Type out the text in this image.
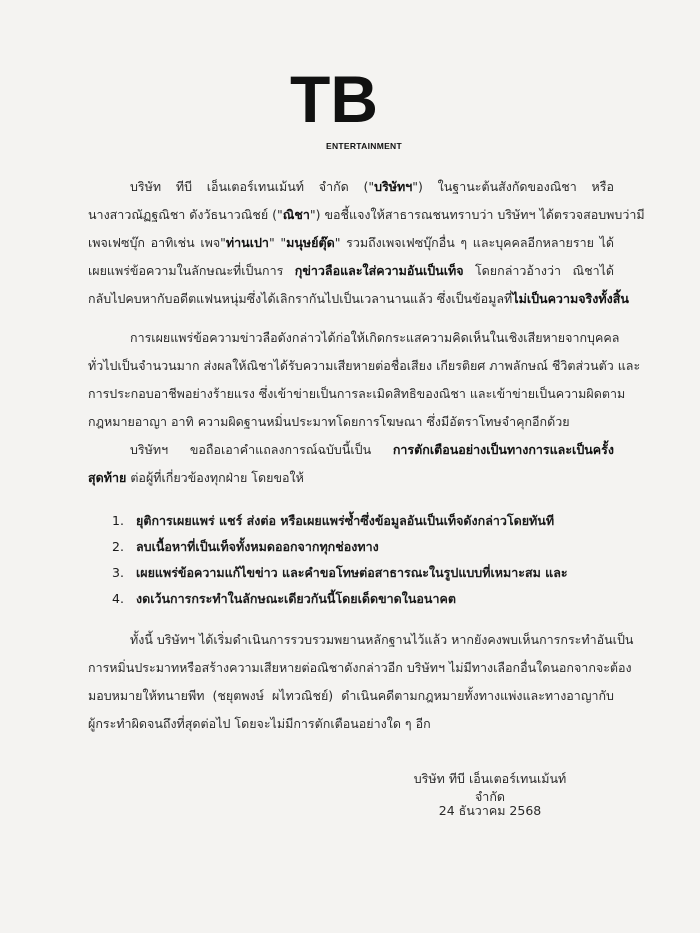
TB
ENTERTAINMENT
บริษัท ทีบี เอ็นเตอร์เทนเม้นท์ จำกัด ("บริษัทฯ") ในฐานะต้นสังกัดของณิชา หรือ
นางสาวณัฏฐณิชา ดังวัธนาวณิชย์ ("ณิชา") ขอชี้แจงให้สาธารณชนทราบว่า บริษัทฯ ได้ตรวจสอบพบว่ามี
เพจเฟซบุ๊ก อาทิเช่น เพจ"ท่านเปา" "มนุษย์ตุ๊ด" รวมถึงเพจเฟซบุ๊กอื่น ๆ และบุคคลอีกหลายราย ได้
เผยแพร่ข้อความในลักษณะที่เป็นการ กุข่าวลือและใส่ความอันเป็นเท็จ โดยกล่าวอ้างว่า ณิชาได้
กลับไปคบหากับอดีตแฟนหนุ่มซึ่งได้เลิกรากันไปเป็นเวลานานแล้ว ซึ่งเป็นข้อมูลที่ไม่เป็นความจริงทั้งสิ้น
การเผยแพร่ข้อความข่าวลือดังกล่าวได้ก่อให้เกิดกระแสความคิดเห็นในเชิงเสียหายจากบุคคล
ทั่วไปเป็นจำนวนมาก ส่งผลให้ณิชาได้รับความเสียหายต่อชื่อเสียง เกียรติยศ ภาพลักษณ์ ชีวิตส่วนตัว และ
การประกอบอาชีพอย่างร้ายแรง ซึ่งเข้าข่ายเป็นการละเมิดสิทธิของณิชา และเข้าข่ายเป็นความผิดตาม
กฎหมายอาญา อาทิ ความผิดฐานหมิ่นประมาทโดยการโฆษณา ซึ่งมีอัตราโทษจำคุกอีกด้วย
บริษัทฯ ขอถือเอาคำแถลงการณ์ฉบับนี้เป็น การตักเตือนอย่างเป็นทางการและเป็นครั้ง
สุดท้าย ต่อผู้ที่เกี่ยวข้องทุกฝ่าย โดยขอให้
1. ยุติการเผยแพร่ แชร์ ส่งต่อ หรือเผยแพร่ซ้ำซึ่งข้อมูลอันเป็นเท็จดังกล่าวโดยทันที
2. ลบเนื้อหาที่เป็นเท็จทั้งหมดออกจากทุกช่องทาง
3. เผยแพร่ข้อความแก้ไขข่าว และคำขอโทษต่อสาธารณะในรูปแบบที่เหมาะสม และ
4. งดเว้นการกระทำในลักษณะเดียวกันนี้โดยเด็ดขาดในอนาคต
ทั้งนี้ บริษัทฯ ได้เริ่มดำเนินการรวบรวมพยานหลักฐานไว้แล้ว หากยังคงพบเห็นการกระทำอันเป็น
การหมิ่นประมาทหรือสร้างความเสียหายต่อณิชาดังกล่าวอีก บริษัทฯ ไม่มีทางเลือกอื่นใดนอกจากจะต้อง
มอบหมายให้ทนายพีท (ชยุตพงษ์ ผไทวณิชย์) ดำเนินคดีตามกฎหมายทั้งทางแพ่งและทางอาญากับ
ผู้กระทำผิดจนถึงที่สุดต่อไป โดยจะไม่มีการตักเตือนอย่างใด ๆ อีก
บริษัท ทีบี เอ็นเตอร์เทนเม้นท์ จำกัด
24 ธันวาคม 2568
